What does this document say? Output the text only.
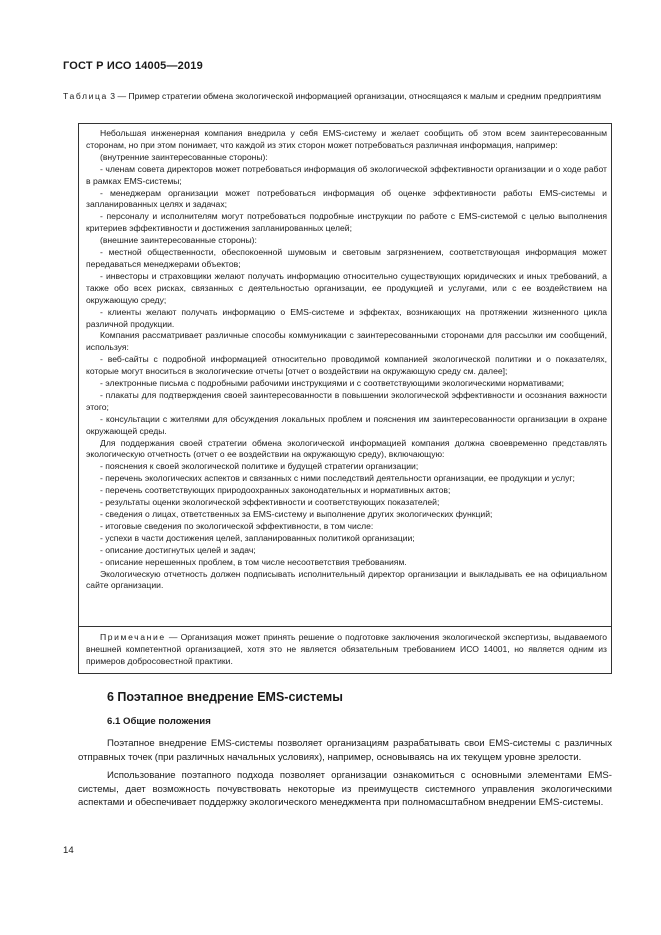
ГОСТ Р ИСО 14005—2019
Таблица 3 — Пример стратегии обмена экологической информацией организации, относящаяся к малым и средним предприятиям

Небольшая инженерная компания внедрила у себя EMS-систему и желает сообщить об этом всем заинтересованным сторонам, но при этом понимает, что каждой из этих сторон может потребоваться различная информация, например:

(внутренние заинтересованные стороны):

- членам совета директоров может потребоваться информация об экологической эффективности организации и о ходе работ в рамках EMS-системы;

- менеджерам организации может потребоваться информация об оценке эффективности работы EMS-системы и запланированных целях и задачах;

- персоналу и исполнителям могут потребоваться подробные инструкции по работе с EMS-системой с целью выполнения критериев эффективности и достижения запланированных целей;

(внешние заинтересованные стороны):

- местной общественности, обеспокоенной шумовым и световым загрязнением, соответствующая информация может передаваться менеджерами объектов;

- инвесторы и страховщики желают получать информацию относительно существующих юридических и иных требований, а также обо всех рисках, связанных с деятельностью организации, ее продукцией и услугами, или с ее воздействием на окружающую среду;

- клиенты желают получать информацию о EMS-системе и эффектах, возникающих на протяжении жизненного цикла различной продукции.

Компания рассматривает различные способы коммуникации с заинтересованными сторонами для рассылки им сообщений, используя:

- веб-сайты с подробной информацией относительно проводимой компанией экологической политики и о показателях, которые могут вноситься в экологические отчеты [отчет о воздействии на окружающую среду см. далее];

- электронные письма с подробными рабочими инструкциями и с соответствующими экологическими нормативами;

- плакаты для подтверждения своей заинтересованности в повышении экологической эффективности и осознания важности этого;

- консультации с жителями для обсуждения локальных проблем и пояснения им заинтересованности организации в охране окружающей среды.

Для поддержания своей стратегии обмена экологической информацией компания должна своевременно представлять экологическую отчетность (отчет о ее воздействии на окружающую среду), включающую:

- пояснения к своей экологической политике и будущей стратегии организации;

- перечень экологических аспектов и связанных с ними последствий деятельности организации, ее продукции и услуг;

- перечень соответствующих природоохранных законодательных и нормативных актов;

- результаты оценки экологической эффективности и соответствующих показателей;

- сведения о лицах, ответственных за EMS-систему и выполнение других экологических функций;

- итоговые сведения по экологической эффективности, в том числе:

- успехи в части достижения целей, запланированных политикой организации;

- описание достигнутых целей и задач;

- описание нерешенных проблем, в том числе несоответствия требованиям.

Экологическую отчетность должен подписывать исполнительный директор организации и выкладывать ее на официальном сайте организации.

Примечание — Организация может принять решение о подготовке заключения экологической экспертизы, выдаваемого внешней компетентной организацией, хотя это не является обязательным требованием ИСО 14001, но является одним из примеров добросовестной практики.
6 Поэтапное внедрение EMS-системы
6.1 Общие положения

Поэтапное внедрение EMS-системы позволяет организациям разрабатывать свои EMS-системы с различных отправных точек (при различных начальных условиях), например, основываясь на их текущем уровне зрелости.

Использование поэтапного подхода позволяет организации ознакомиться с основными элементами EMS-системы, дает возможность почувствовать некоторые из преимуществ системного управления экологическими аспектами и обеспечивает поддержку экологического менеджмента при полномасштабном внедрении EMS-системы.

14
